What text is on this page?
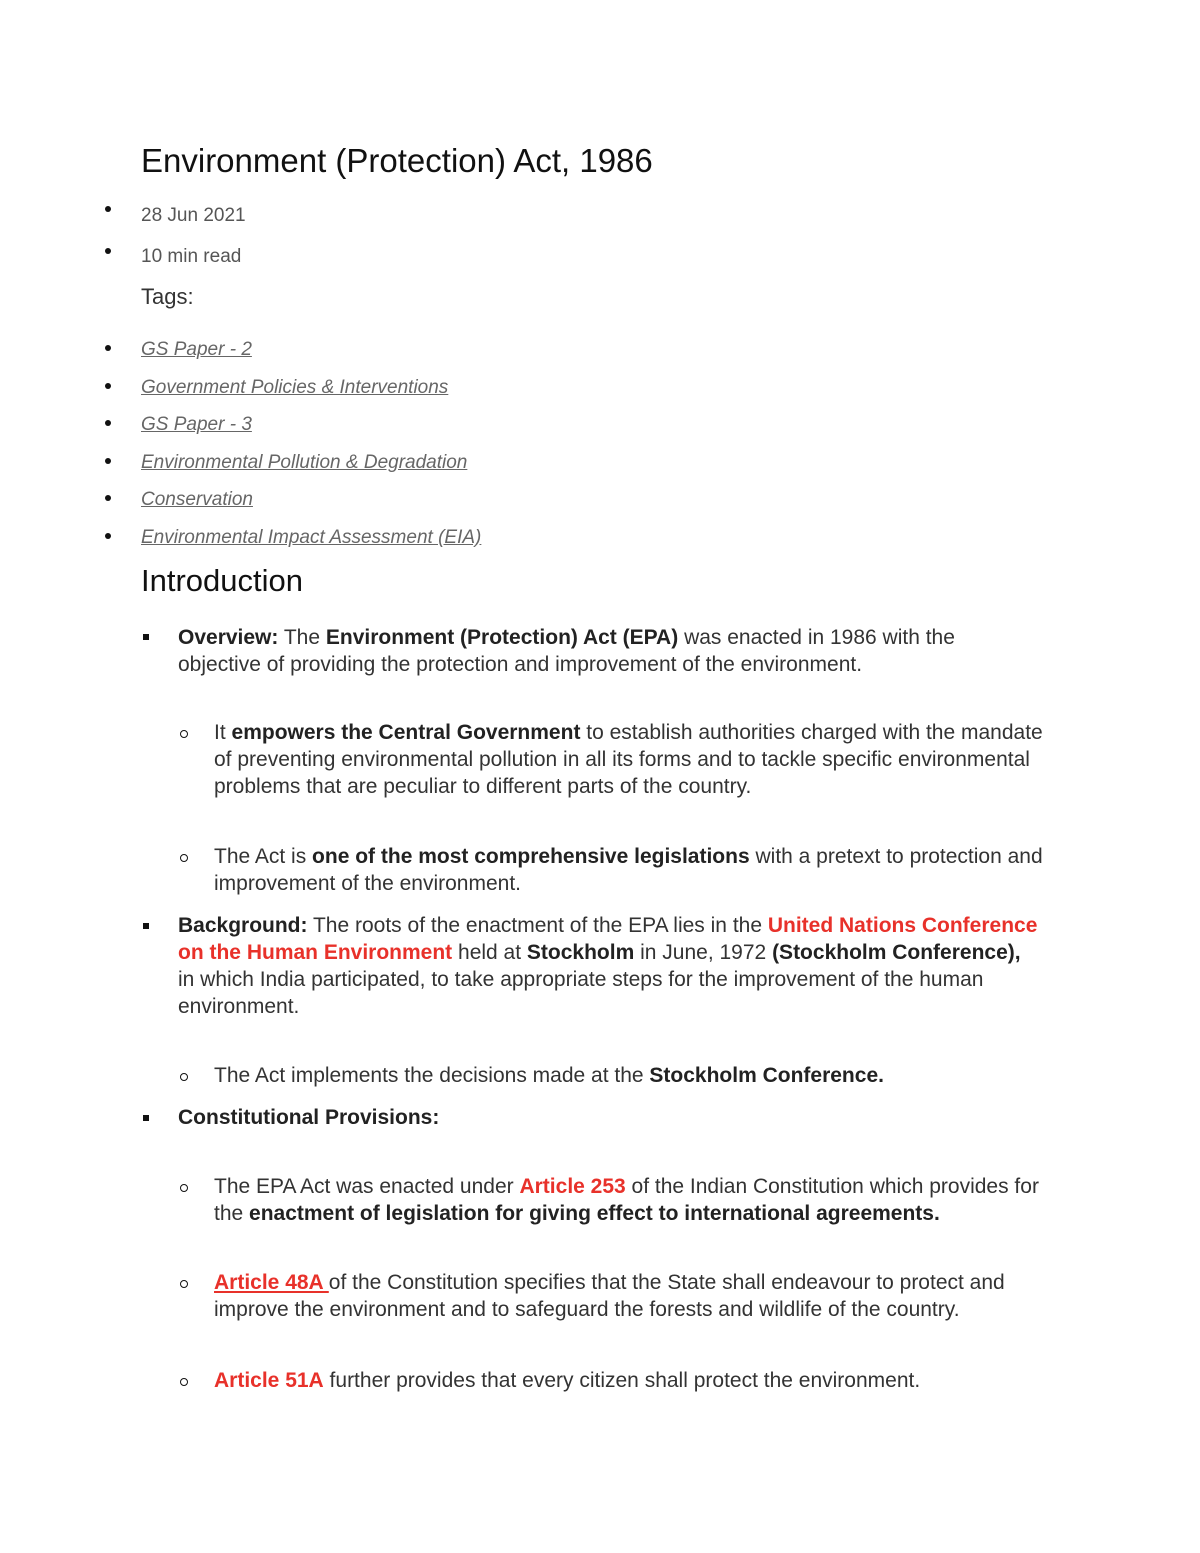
Environment (Protection) Act, 1986
28 Jun 2021
10 min read
Tags:
GS Paper - 2
Government Policies & Interventions
GS Paper - 3
Environmental Pollution & Degradation
Conservation
Environmental Impact Assessment (EIA)
Introduction
Overview: The Environment (Protection) Act (EPA) was enacted in 1986 with the objective of providing the protection and improvement of the environment.
It empowers the Central Government to establish authorities charged with the mandate of preventing environmental pollution in all its forms and to tackle specific environmental problems that are peculiar to different parts of the country.
The Act is one of the most comprehensive legislations with a pretext to protection and improvement of the environment.
Background: The roots of the enactment of the EPA lies in the United Nations Conference on the Human Environment held at Stockholm in June, 1972 (Stockholm Conference), in which India participated, to take appropriate steps for the improvement of the human environment.
The Act implements the decisions made at the Stockholm Conference.
Constitutional Provisions:
The EPA Act was enacted under Article 253 of the Indian Constitution which provides for the enactment of legislation for giving effect to international agreements.
Article 48A of the Constitution specifies that the State shall endeavour to protect and improve the environment and to safeguard the forests and wildlife of the country.
Article 51A further provides that every citizen shall protect the environment.
